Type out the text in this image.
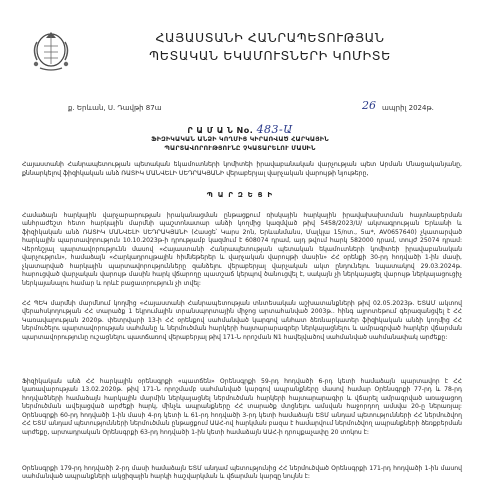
ՀԱՅԱՍՏԱՆԻ ՀԱՆՐԱՊԵՏՈՒԹՅԱՆ
ՊԵՏԱԿԱՆ ԵԿԱՄՈՒՏՆԵՐԻ ԿՈՄԻՏԵ
ք. Երևան, Ս. Դավթի 87ա	26 ապրիլ 2024թ.
Ր Ա Մ Ա Ն No. 483-Ա
ՖԻԶԻԿԱԿԱՆ ԱՆՁԻ ԿՈՂՄԻՑ ԿԻՐԱՌՎԱԾ ՀԱՐԿԱՅԻՆ
ՊԱՐՏԱՎՈՐՈՒԹՅՈՒՆԸ ՉԿԱՏԱՐԵԼՈՒ ՄԱՍԻՆ
Հայաստանի Հանրապետության պետական եկամուտների կոմիտեի իրավաբանական վարչության պետ Արման Մնացականյանը, քննարկելով ֆիզիկական անձ ՌԱՏԻԿ ՄԱՆՎԵԼԻ ՍԵԴՐԱԿՅԱՆԻ վերաբերյալ վարչական վարույթի նյութերը,
Պ Ա Ր Զ Ե Ց Ի
Համաձայն հարկային վարչարարության իրականացման ընթացքում ռիսկային հարկային իրավախախտման հայտնաբերման անհրաժեշտ հետո հարկային մարմնի պաշտոնատար անձի կողմից կազմված թիվ 5458/2023/Ս/ ակտագրության Երևանի և ֆիզիկական անձ ՌԱՏԻԿ ՄԱՆՎԵԼԻ ՍԵԴՐԱԿՅԱՆԻ (Հասցե՝ Կարս 2ոն, Երևանմանս, Մալկլա 15/ոտ., 5ա*, AV0657640) չկատարված հարկային պարտավորություն 10.10.2023թ-ի դրությամբ կազմում է 608074 դրամ, այդ թվում հարկ 582000 դրամ, տույժ 25074 դրամ: Վերոնշյալ պարտավորությունն մասով «Հայաստանի Հանրապետության պետական եկամուտների կոմիտեի իրավաբանական վարչություն», համաձայն «Հարկադրույթային հիմնեթերեր և վարչական վարույթի մասին» ՀՀ օրենքի 30-րդ հոդվածի 1-ին մասի, չկատարված հարկային պարտավորությունները զանձելու վերաբերյալ վարչական ակտ ընդունելու նպատակով 29.03.2024թ. հարուցված վարչական վարույթ մասին հարկ վճարողը պատշաճ կերպով ծանուցվել է, սակայն չի ներկայացել վարույթ ներկայացուցիչ ներկայանալու համար և որևէ բացատրություն չի տվել:
ՀՀ ՊԵԿ մարմնի մարմնում կողմից «Հայաստանի Հանրապետության տնտեսական աշխատանքների թիվ 02.05.2023թ. ԵՏԱՄ ակտով վերահսկողության ՀՀ տարածք 1 եկրումային տրանսպորտային միջոց արտահանված 2003թ.. հինգ այրոտեթում գերազանցվել է ՀՀ Կառավարության 2020թ. փետրվարի 13-ի ՀՀ օրենքով սահմանված կարգով անհատ ձեռնարկատեր ֆիզիկական անձի կողմից ՀՀ ներմուծելու պարտավորության սահմանը և ներմուծման հարկերի հայտարարագրեր ներկայացնելու և ամրագրված հարկեր վճարման պարտավորությունը ուշացնելու պատճառով վերաբերյալ թիվ 171-Ն որոշման N1 հավելվածով սահմանված սահմանափակ արժեքը:
Ֆիզիկական անձ ՀՀ հարկային օրենսգրքի «պատճեն» Օրենսգրքի 59-րդ հոդվածի 6-րդ կետի համաձայն պարտավոր է ՀՀ կառավարության 13.02.2020թ. թիվ 171-Ն որոշմամբ սահմանված կարգով ապրանքները մասով համար Օրենսգրքի 77-րդ և 78-րդ հոդվածների համաձայն հարկային մարմին ներկայացնել ներմուծման հարկերի հայտարարագիր և վճարել ամրագրված առաջացող ներմուծման ավելացված արժեքի հարկ, մինչև ապրանքները ՀՀ տարածք մտցնելու ամսվան հաջորդող ամսվա 20-ը ներառյալ: Օրենսգրքի 60-րդ հոդվածի 1-ին մասի 4-րդ կետի և 61-րդ հոդվածի 3-րդ կետի համաձայն ԵՏՄ անդամ պետությունների ՀՀ ներմուծվող ՀՀ ԵՏՄ անդամ պետությունների ներմուծման ընթացքում ԱԱՀ-ով հարկման բազա է համարվում ներմուծվող ապրանքների ձեռքբերման արժեքը, արտադրական Օրենսգրքի 63-րդ հոդվածի 1-ին կետի համաձայն ԱԱՀ-ի դրույքաչափը 20 տոկոս է:
Օրենսգրքի 179-րդ հոդվածի 2-րդ մասի համաձայն ԵՏՄ անդամ պետությունից ՀՀ ներմուծված Օրենսգրքի 171-րդ հոդվածի 1-ին մասով սահմանված ապրանքների ակցիզային հարկի հաշվարկման և վճարման կարգը նույնն է:
